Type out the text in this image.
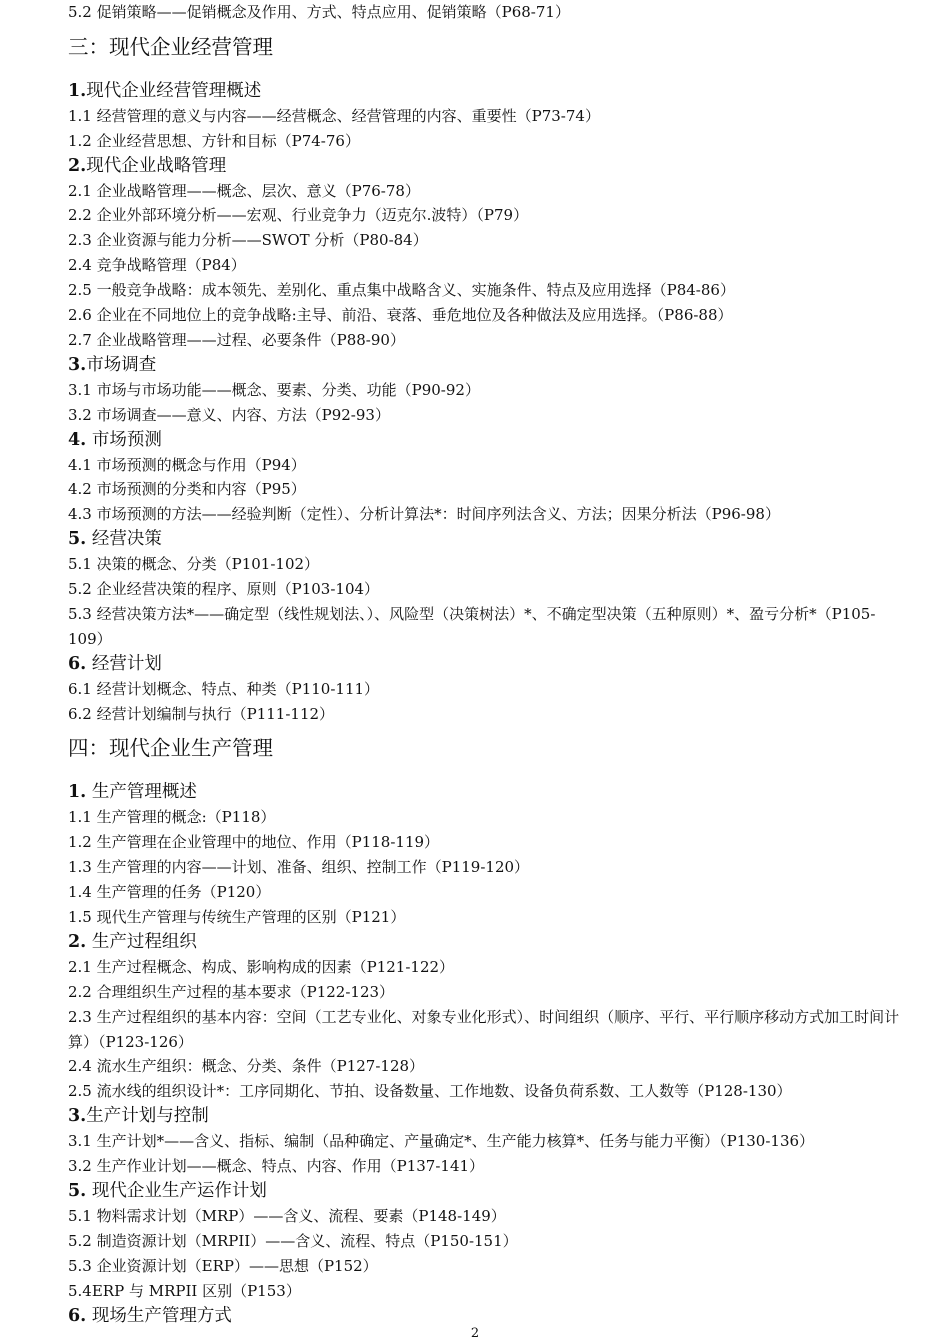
5.2 促销策略——促销概念及作用、方式、特点应用、促销策略（P68-71）
三：现代企业经营管理
1.现代企业经营管理概述
1.1 经营管理的意义与内容——经营概念、经营管理的内容、重要性（P73-74）
1.2 企业经营思想、方针和目标（P74-76）
2.现代企业战略管理
2.1 企业战略管理——概念、层次、意义（P76-78）
2.2 企业外部环境分析——宏观、行业竞争力（迈克尔.波特）（P79）
2.3 企业资源与能力分析——SWOT 分析（P80-84）
2.4 竞争战略管理（P84）
2.5 一般竞争战略：成本领先、差别化、重点集中战略含义、实施条件、特点及应用选择（P84-86）
2.6 企业在不同地位上的竞争战略:主导、前沿、衰落、垂危地位及各种做法及应用选择。（P86-88）
2.7 企业战略管理——过程、必要条件（P88-90）
3.市场调查
3.1 市场与市场功能——概念、要素、分类、功能（P90-92）
3.2 市场调查——意义、内容、方法（P92-93）
4. 市场预测
4.1 市场预测的概念与作用（P94）
4.2 市场预测的分类和内容（P95）
4.3 市场预测的方法——经验判断（定性）、分析计算法*：时间序列法含义、方法；因果分析法（P96-98）
5. 经营决策
5.1 决策的概念、分类（P101-102）
5.2 企业经营决策的程序、原则（P103-104）
5.3 经营决策方法*——确定型（线性规划法、）、风险型（决策树法）*、不确定型决策（五种原则）*、盈亏分析*（P105-109）
6. 经营计划
6.1 经营计划概念、特点、种类（P110-111）
6.2 经营计划编制与执行（P111-112）
四：现代企业生产管理
1. 生产管理概述
1.1 生产管理的概念:（P118）
1.2 生产管理在企业管理中的地位、作用（P118-119）
1.3 生产管理的内容——计划、准备、组织、控制工作（P119-120）
1.4 生产管理的任务（P120）
1.5 现代生产管理与传统生产管理的区别（P121）
2. 生产过程组织
2.1 生产过程概念、构成、影响构成的因素（P121-122）
2.2 合理组织生产过程的基本要求（P122-123）
2.3 生产过程组织的基本内容：空间（工艺专业化、对象专业化形式）、时间组织（顺序、平行、平行顺序移动方式加工时间计算）（P123-126）
2.4 流水生产组织：概念、分类、条件（P127-128）
2.5 流水线的组织设计*：工序同期化、节拍、设备数量、工作地数、设备负荷系数、工人数等（P128-130）
3.生产计划与控制
3.1 生产计划*——含义、指标、编制（品种确定、产量确定*、生产能力核算*、任务与能力平衡）（P130-136）
3.2 生产作业计划——概念、特点、内容、作用（P137-141）
5. 现代企业生产运作计划
5.1 物料需求计划（MRP）——含义、流程、要素（P148-149）
5.2 制造资源计划（MRPII）——含义、流程、特点（P150-151）
5.3 企业资源计划（ERP）——思想（P152）
5.4ERP 与 MRPII 区别（P153）
6. 现场生产管理方式
2
